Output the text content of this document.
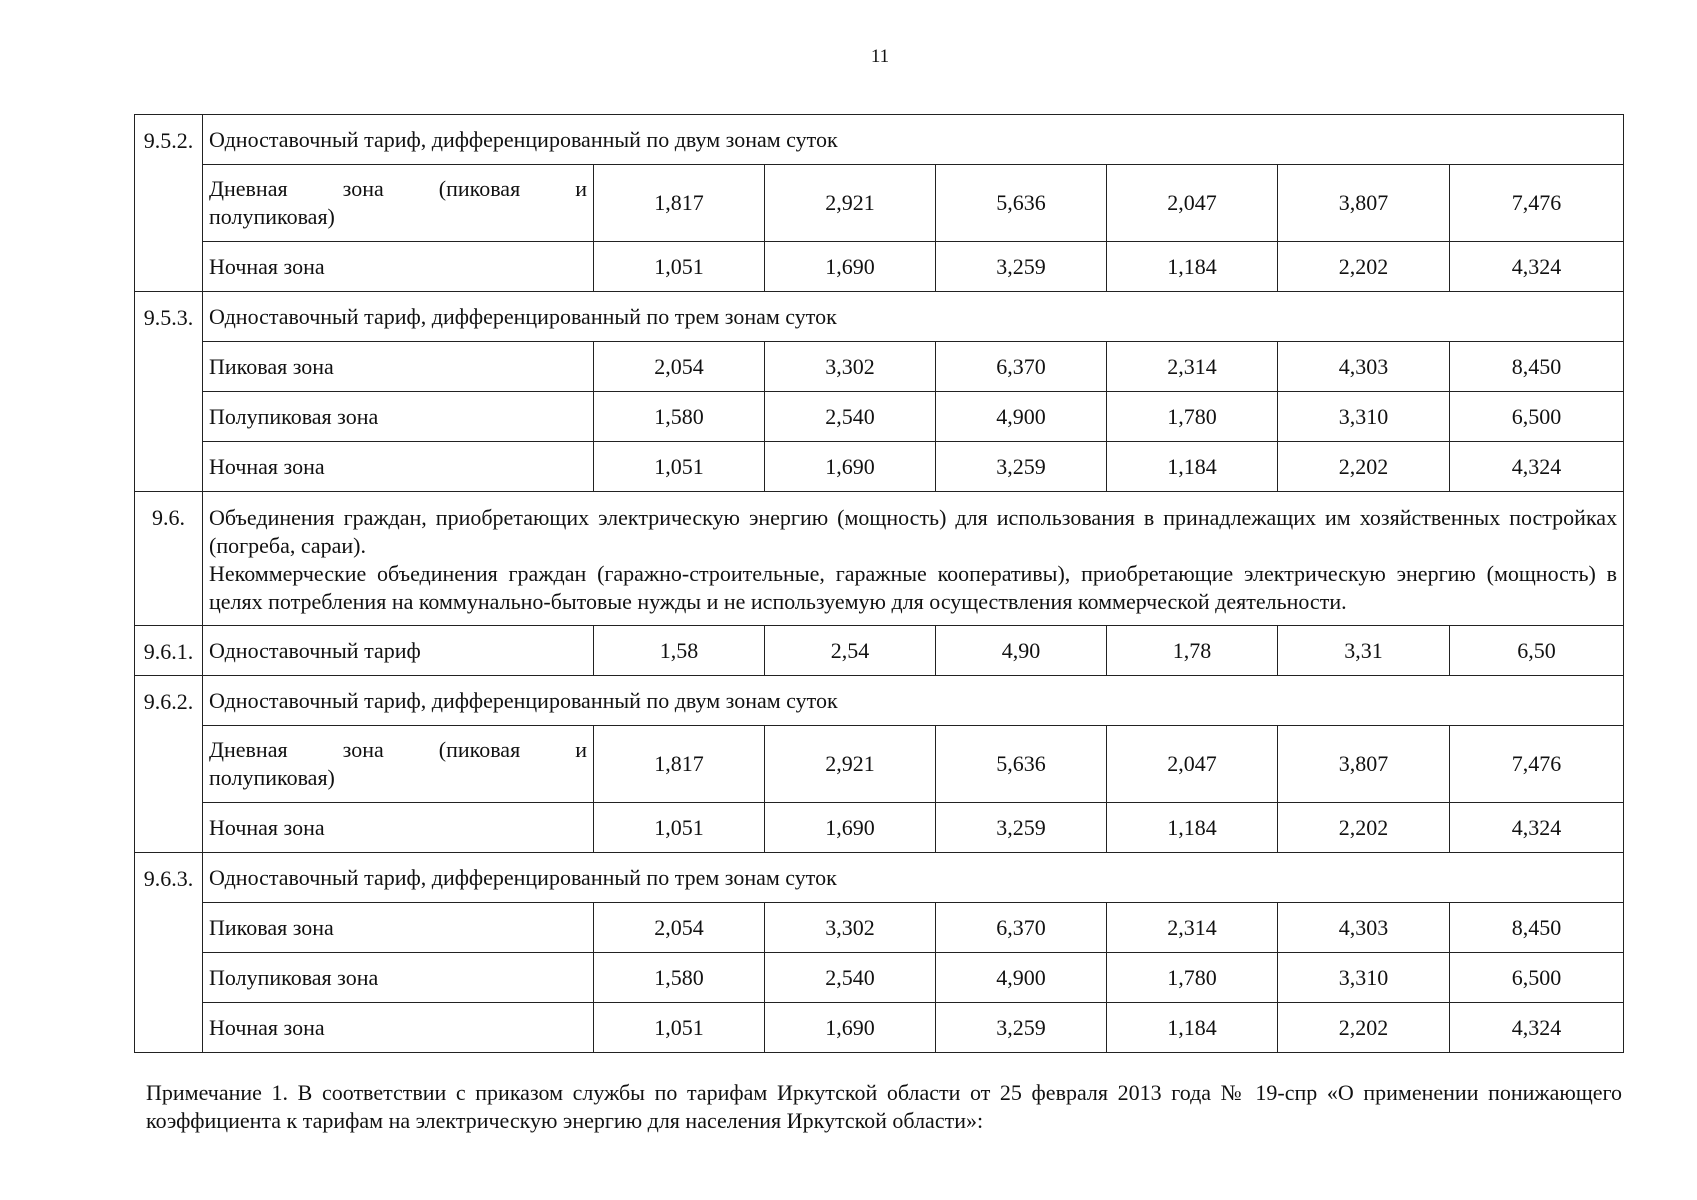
11
9.5.2.	Одноставочный тариф, дифференцированный по двум зонам суток						

	Дневная зона (пиковая и
полупиковая)	1,817	2,921	5,636	2,047	3,807	7,476
	Ночная зона	1,051	1,690	3,259	1,184	2,202	4,324
9.5.3.	Одноставочный тариф, дифференцированный по трем зонам суток						
	Пиковая зона	2,054	3,302	6,370	2,314	4,303	8,450
	Полупиковая зона	1,580	2,540	4,900	1,780	3,310	6,500
	Ночная зона	1,051	1,690	3,259	1,184	2,202	4,324
9.6.	Объединения граждан, приобретающих электрическую энергию (мощность) для использования в принадлежащих им хозяйственных постройках (погреба, сараи).

Некоммерческие объединения граждан (гаражно-строительные, гаражные кооперативы), приобретающие электрическую энергию (мощность) в целях потребления на коммунально-бытовые нужды и не используемую для осуществления коммерческой деятельности.						

9.6.1.	Одноставочный тариф	1,58	2,54	4,90	1,78	3,31	6,50
9.6.2.	Одноставочный тариф, дифференцированный по двум зонам суток						

	Дневная зона (пиковая и
полупиковая)	1,817	2,921	5,636	2,047	3,807	7,476
	Ночная зона	1,051	1,690	3,259	1,184	2,202	4,324
9.6.3.	Одноставочный тариф, дифференцированный по трем зонам суток						
	Пиковая зона	2,054	3,302	6,370	2,314	4,303	8,450
	Полупиковая зона	1,580	2,540	4,900	1,780	3,310	6,500
	Ночная зона	1,051	1,690	3,259	1,184	2,202	4,324
Примечание 1. В соответствии с приказом службы по тарифам Иркутской области от 25 февраля 2013 года № 19-спр «О применении понижающего коэффициента к тарифам на электрическую энергию для населения Иркутской области»:
